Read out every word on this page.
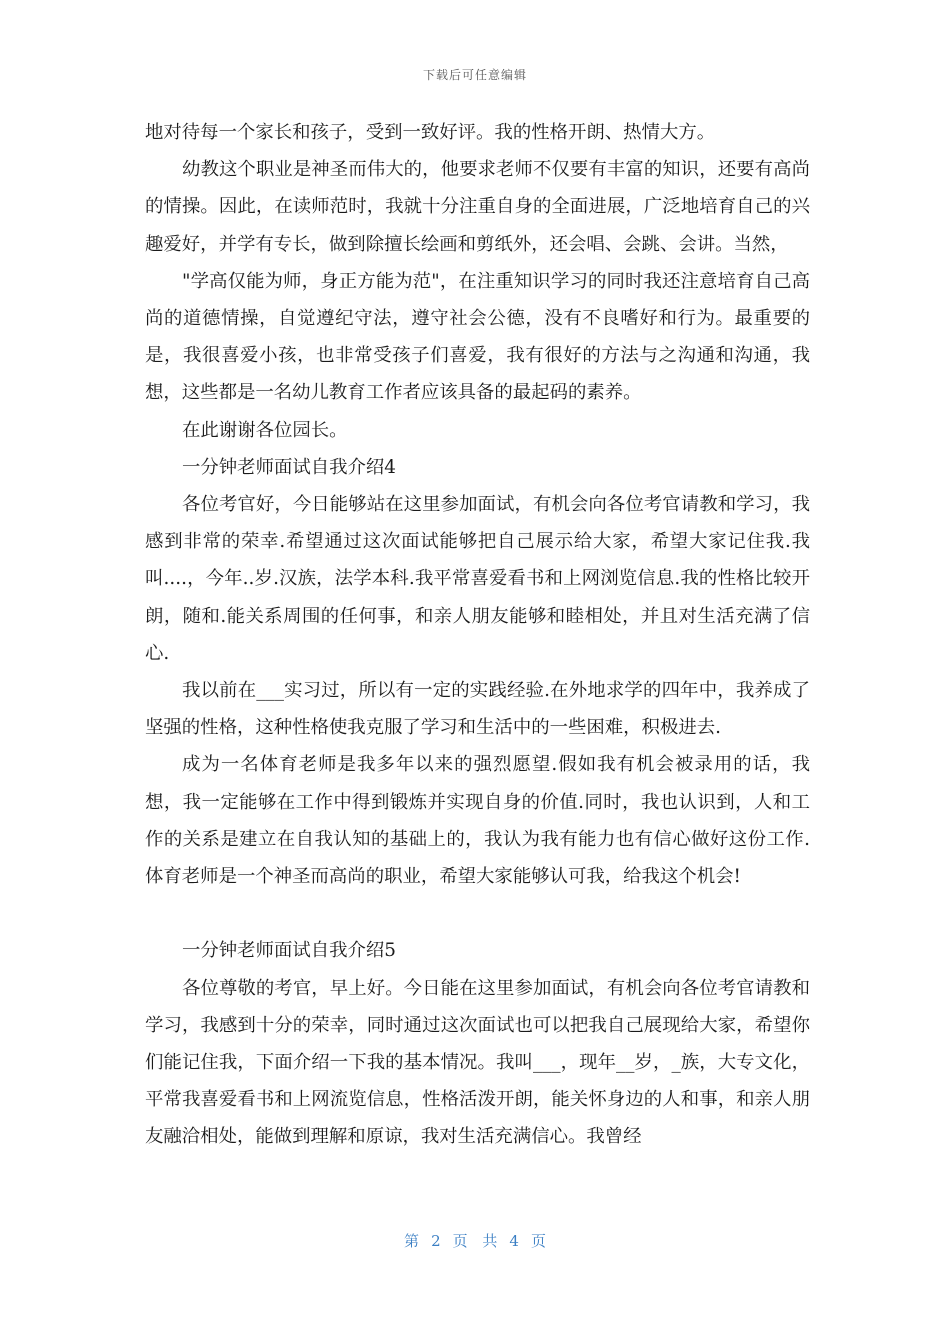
下载后可任意编辑

地对待每一个家长和孩子，受到一致好评。我的性格开朗、热情大方。

幼教这个职业是神圣而伟大的，他要求老师不仅要有丰富的知识，还要有高尚的情操。因此，在读师范时，我就十分注重自身的全面进展，广泛地培育自己的兴趣爱好，并学有专长，做到除擅长绘画和剪纸外，还会唱、会跳、会讲。当然，

"学高仅能为师，身正方能为范"，在注重知识学习的同时我还注意培育自己高尚的道德情操，自觉遵纪守法，遵守社会公德，没有不良嗜好和行为。最重要的是，我很喜爱小孩，也非常受孩子们喜爱，我有很好的方法与之沟通和沟通，我想，这些都是一名幼儿教育工作者应该具备的最起码的素养。

在此谢谢各位园长。

一分钟老师面试自我介绍4

各位考官好，今日能够站在这里参加面试，有机会向各位考官请教和学习，我感到非常的荣幸.希望通过这次面试能够把自己展示给大家，希望大家记住我.我叫....，今年..岁.汉族，法学本科.我平常喜爱看书和上网浏览信息.我的性格比较开朗，随和.能关系周围的任何事，和亲人朋友能够和睦相处，并且对生活充满了信心.

我以前在___实习过，所以有一定的实践经验.在外地求学的四年中，我养成了坚强的性格，这种性格使我克服了学习和生活中的一些困难，积极进去.

成为一名体育老师是我多年以来的强烈愿望.假如我有机会被录用的话，我想，我一定能够在工作中得到锻炼并实现自身的价值.同时，我也认识到，人和工作的关系是建立在自我认知的基础上的，我认为我有能力也有信心做好这份工作.体育老师是一个神圣而高尚的职业，希望大家能够认可我，给我这个机会!

一分钟老师面试自我介绍5

各位尊敬的考官，早上好。今日能在这里参加面试，有机会向各位考官请教和学习，我感到十分的荣幸，同时通过这次面试也可以把我自己展现给大家，希望你们能记住我，下面介绍一下我的基本情况。我叫___，现年__岁，_族，大专文化，平常我喜爱看书和上网流览信息，性格活泼开朗，能关怀身边的人和事，和亲人朋友融洽相处，能做到理解和原谅，我对生活充满信心。我曾经

第 2 页 共 4 页
